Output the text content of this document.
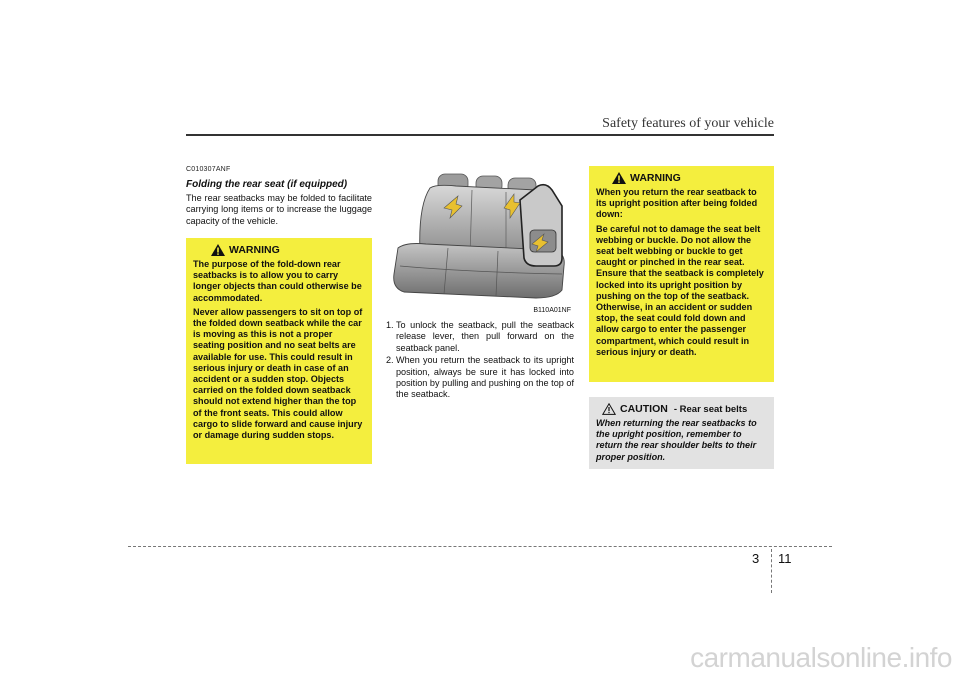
Safety features of your vehicle
C010307ANF
Folding the rear seat (if equipped)
The rear seatbacks may be folded to facilitate carrying long items or to increase the luggage capacity of the vehicle.
WARNING
The purpose of the fold-down rear seatbacks is to allow you to carry longer objects than could otherwise be accommodated.
Never allow passengers to sit on top of the folded down seatback while the car is moving as this is not a proper seating position and no seat belts are available for use. This could result in serious injury or death in case of an accident or a sudden stop. Objects carried on the folded down seatback should not extend higher than the top of the front seats. This could allow cargo to slide forward and cause injury or damage during sudden stops.
B110A01NF
1. To unlock the seatback, pull the seatback release lever, then pull forward on the seatback panel.
2. When you return the seatback to its upright position, always be sure it has locked into position by pulling and pushing on the top of the seatback.
WARNING
When you return the rear seatback to its upright position after being folded down:
Be careful not to damage the seat belt webbing or buckle. Do not allow the seat belt webbing or buckle to get caught or pinched in the rear seat. Ensure that the seatback is completely locked into its upright position by pushing on the top of the seatback. Otherwise, in an accident or sudden stop, the seat could fold down and allow cargo to enter the passenger compartment, which could result in serious injury or death.
CAUTION - Rear seat belts
When returning the rear seatbacks to the upright position, remember to return the rear shoulder belts to their proper position.
3 11
carmanualsonline.info
